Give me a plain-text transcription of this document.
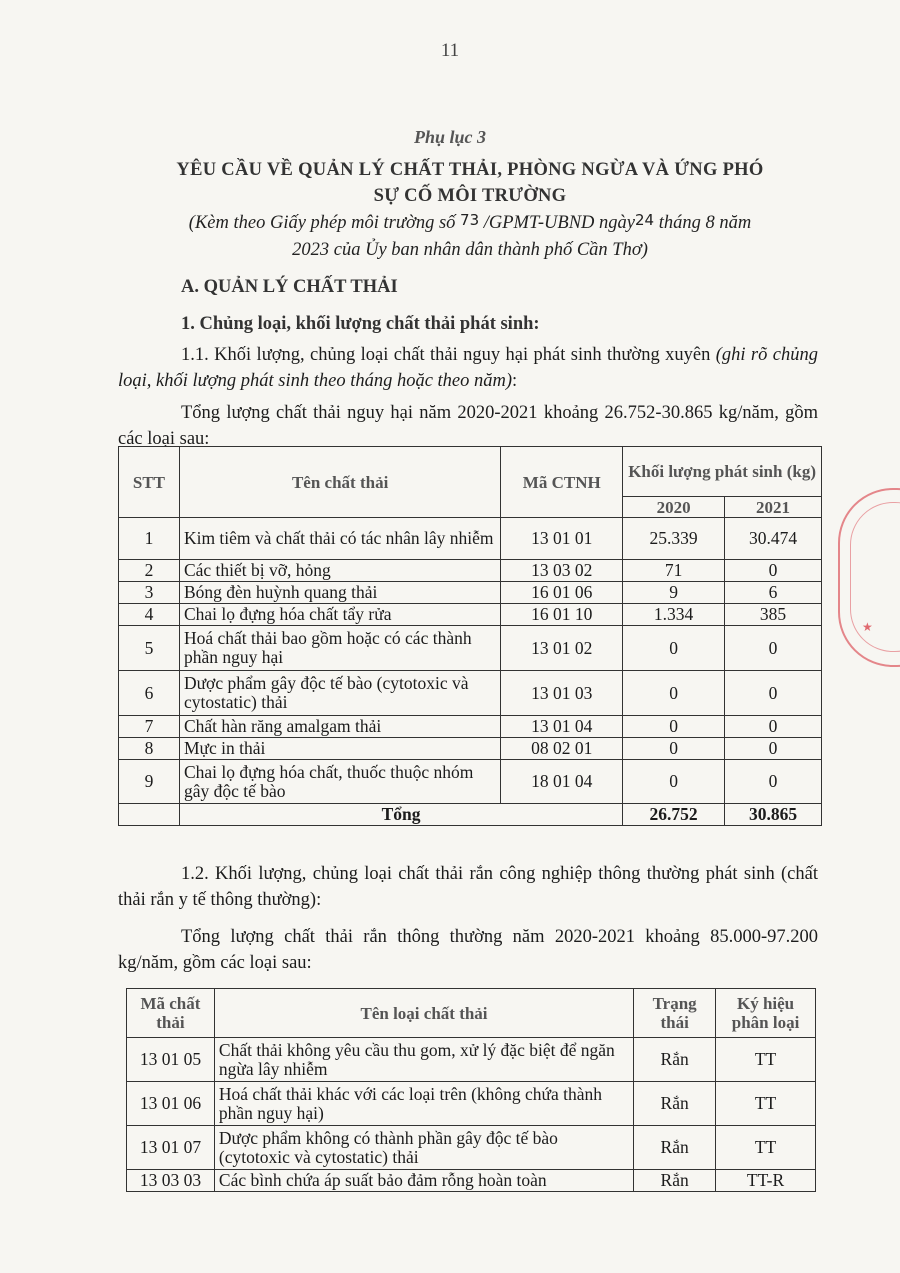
11
Phụ lục 3
YÊU CẦU VỀ QUẢN LÝ CHẤT THẢI, PHÒNG NGỪA VÀ ỨNG PHÓ
SỰ CỐ MÔI TRƯỜNG
(Kèm theo Giấy phép môi trường số 73 /GPMT-UBND ngày24 tháng 8 năm
2023 của Ủy ban nhân dân thành phố Cần Thơ)
A. QUẢN LÝ CHẤT THẢI
1. Chủng loại, khối lượng chất thải phát sinh:
1.1. Khối lượng, chủng loại chất thải nguy hại phát sinh thường xuyên (ghi rõ chủng loại, khối lượng phát sinh theo tháng hoặc theo năm):
Tổng lượng chất thải nguy hại năm 2020-2021 khoảng 26.752-30.865 kg/năm, gồm các loại sau:
STT	Tên chất thải	Mã CTNH	Khối lượng phát sinh (kg)	
			2020	2021
1	Kim tiêm và chất thải có tác nhân lây nhiễm	13 01 01	25.339	30.474
2	Các thiết bị vỡ, hỏng	13 03 02	71	0
3	Bóng đèn huỳnh quang thải	16 01 06	9	6
4	Chai lọ đựng hóa chất tẩy rửa	16 01 10	1.334	385
5	Hoá chất thải bao gồm hoặc có các thành phần nguy hại	13 01 02	0	0
6	Dược phẩm gây độc tế bào (cytotoxic và cytostatic) thải	13 01 03	0	0
7	Chất hàn răng amalgam thải	13 01 04	0	0
8	Mực in thải	08 02 01	0	0
9	Chai lọ đựng hóa chất, thuốc thuộc nhóm gây độc tế bào	18 01 04	0	0
	Tổng		26.752	30.865
1.2. Khối lượng, chủng loại chất thải rắn công nghiệp thông thường phát sinh (chất thải rắn y tế thông thường):
Tổng lượng chất thải rắn thông thường năm 2020-2021 khoảng 85.000-97.200 kg/năm, gồm các loại sau:
Mã chất thải	Tên loại chất thải	Trạng thái	Ký hiệu phân loại
13 01 05	Chất thải không yêu cầu thu gom, xử lý đặc biệt để ngăn ngừa lây nhiễm	Rắn	TT
13 01 06	Hoá chất thải khác với các loại trên (không chứa thành phần nguy hại)	Rắn	TT
13 01 07	Dược phẩm không có thành phần gây độc tế bào (cytotoxic và cytostatic) thải	Rắn	TT
13 03 03	Các bình chứa áp suất bảo đảm rỗng hoàn toàn	Rắn	TT-R
★
